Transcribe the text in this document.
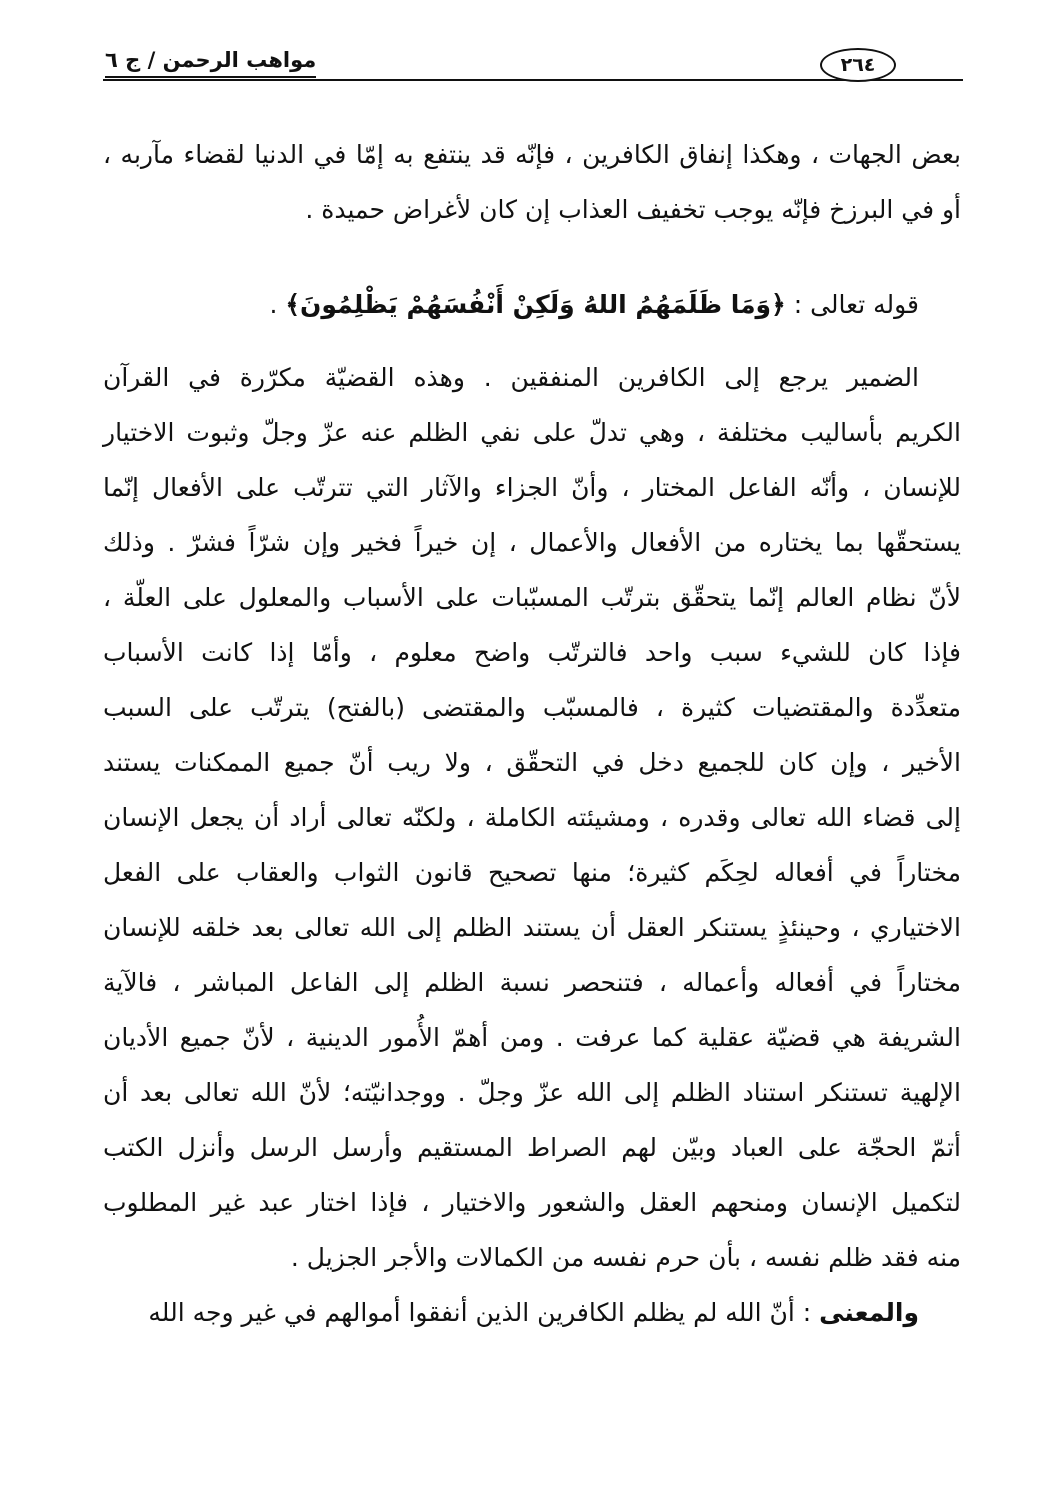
مواهب الرحمن / ج ٦	٢٦٤

بعض الجهات ، وهكذا إنفاق الكافرين ، فإنّه قد ينتفع به إمّا في الدنيا لقضاء مآربه ،
أو في البرزخ فإنّه يوجب تخفيف العذاب إن كان لأغراض حميدة .

قوله تعالى : ﴿وَمَا ظَلَمَهُمُ اللهُ وَلَكِنْ أَنْفُسَهُمْ يَظْلِمُونَ﴾ .

الضمير يرجع إلى الكافرين المنفقين . وهذه القضيّة مكرّرة في القرآن
الكريم بأساليب مختلفة ، وهي تدلّ على نفي الظلم عنه عزّ وجلّ وثبوت الاختيار
للإنسان ، وأنّه الفاعل المختار ، وأنّ الجزاء والآثار التي تترتّب على الأفعال إنّما
يستحقّها بما يختاره من الأفعال والأعمال ، إن خيراً فخير وإن شرّاً فشرّ . وذلك
لأنّ نظام العالم إنّما يتحقّق بترتّب المسبّبات على الأسباب والمعلول على العلّة ،
فإذا كان للشيء سبب واحد فالترتّب واضح معلوم ، وأمّا إذا كانت الأسباب
متعدِّدة والمقتضيات كثيرة ، فالمسبّب والمقتضى (بالفتح) يترتّب على السبب
الأخير ، وإن كان للجميع دخل في التحقّق ، ولا ريب أنّ جميع الممكنات يستند
إلى قضاء الله تعالى وقدره ، ومشيئته الكاملة ، ولكنّه تعالى أراد أن يجعل الإنسان
مختاراً في أفعاله لحِكَم كثيرة؛ منها تصحيح قانون الثواب والعقاب على الفعل
الاختياري ، وحينئذٍ يستنكر العقل أن يستند الظلم إلى الله تعالى بعد خلقه للإنسان
مختاراً في أفعاله وأعماله ، فتنحصر نسبة الظلم إلى الفاعل المباشر ، فالآية
الشريفة هي قضيّة عقلية كما عرفت . ومن أهمّ الأُمور الدينية ، لأنّ جميع الأديان
الإلهية تستنكر استناد الظلم إلى الله عزّ وجلّ . ووجدانيّته؛ لأنّ الله تعالى بعد أن
أتمّ الحجّة على العباد وبيّن لهم الصراط المستقيم وأرسل الرسل وأنزل الكتب
لتكميل الإنسان ومنحهم العقل والشعور والاختيار ، فإذا اختار عبد غير المطلوب
منه فقد ظلم نفسه ، بأن حرم نفسه من الكمالات والأجر الجزيل .

والمعنى : أنّ الله لم يظلم الكافرين الذين أنفقوا أموالهم في غير وجه الله
